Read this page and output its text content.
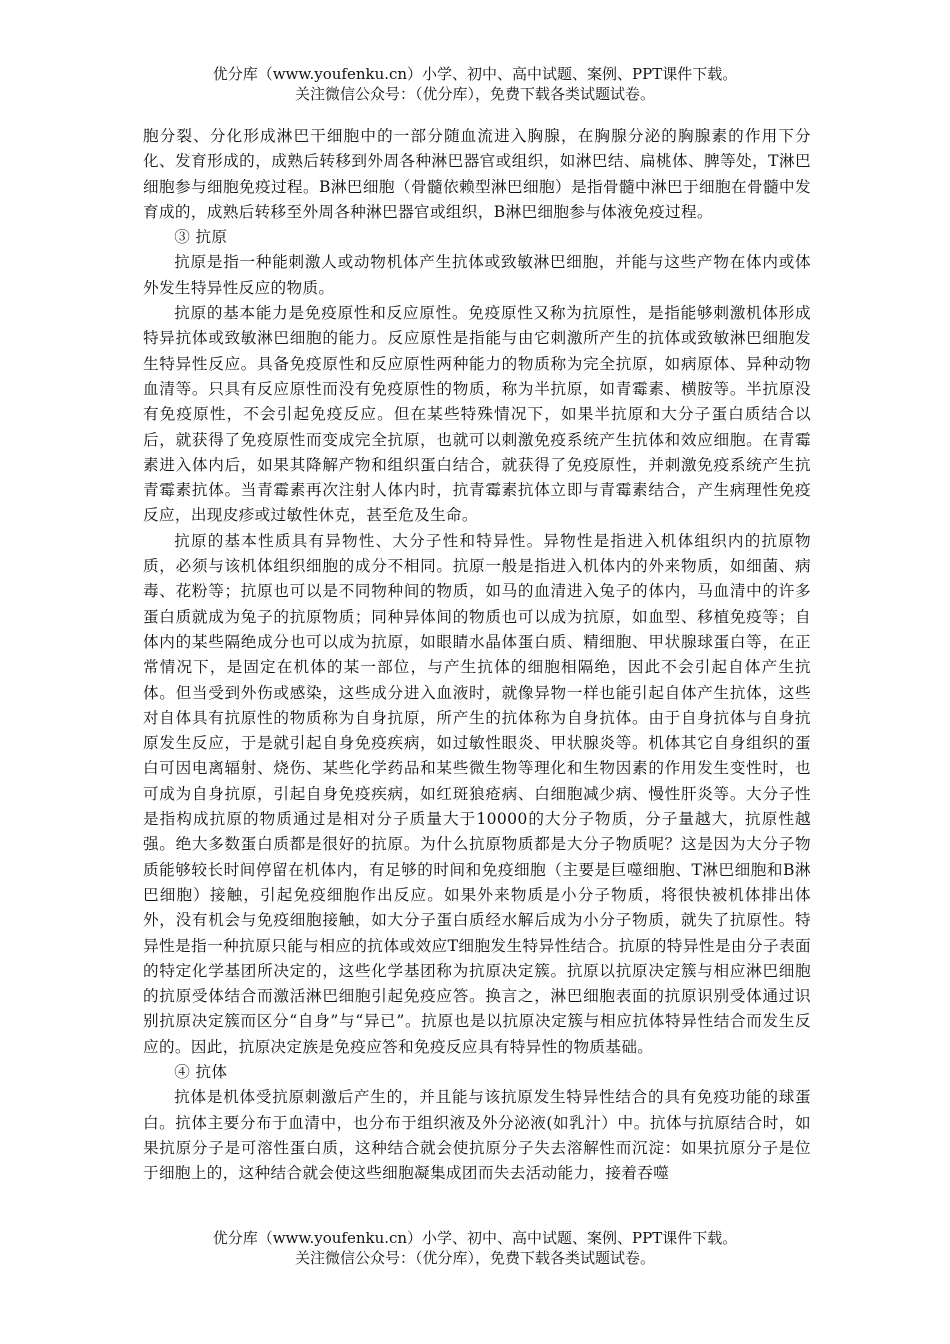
优分库（www.youfenku.cn）小学、初中、高中试题、案例、PPT课件下载。
关注微信公众号：（优分库），免费下载各类试题试卷。

胞分裂、分化形成淋巴干细胞中的一部分随血流进入胸腺，在胸腺分泌的胸腺素的作用下分化、发育形成的，成熟后转移到外周各种淋巴器官或组织，如淋巴结、扁桃体、脾等处，T淋巴细胞参与细胞免疫过程。B淋巴细胞（骨髓依赖型淋巴细胞）是指骨髓中淋巴于细胞在骨髓中发育成的，成熟后转移至外周各种淋巴器官或组织，B淋巴细胞参与体液免疫过程。

③ 抗原

抗原是指一种能刺激人或动物机体产生抗体或致敏淋巴细胞，并能与这些产物在体内或体外发生特异性反应的物质。

抗原的基本能力是免疫原性和反应原性。免疫原性又称为抗原性，是指能够刺激机体形成特异抗体或致敏淋巴细胞的能力。反应原性是指能与由它刺激所产生的抗体或致敏淋巴细胞发生特异性反应。具备免疫原性和反应原性两种能力的物质称为完全抗原，如病原体、异种动物血清等。只具有反应原性而没有免疫原性的物质，称为半抗原，如青霉素、横胺等。半抗原没有免疫原性，不会引起免疫反应。但在某些特殊情况下，如果半抗原和大分子蛋白质结合以后，就获得了免疫原性而变成完全抗原，也就可以刺激免疫系统产生抗体和效应细胞。在青霉素进入体内后，如果其降解产物和组织蛋白结合，就获得了免疫原性，并刺激免疫系统产生抗青霉素抗体。当青霉素再次注射人体内时，抗青霉素抗体立即与青霉素结合，产生病理性免疫反应，出现皮疹或过敏性休克，甚至危及生命。

抗原的基本性质具有异物性、大分子性和特异性。异物性是指进入机体组织内的抗原物质，必须与该机体组织细胞的成分不相同。抗原一般是指进入机体内的外来物质，如细菌、病毒、花粉等；抗原也可以是不同物种间的物质，如马的血清进入兔子的体内，马血清中的许多蛋白质就成为兔子的抗原物质；同种异体间的物质也可以成为抗原，如血型、移植免疫等；自体内的某些隔绝成分也可以成为抗原，如眼睛水晶体蛋白质、精细胞、甲状腺球蛋白等，在正常情况下，是固定在机体的某一部位，与产生抗体的细胞相隔绝，因此不会引起自体产生抗体。但当受到外伤或感染，这些成分进入血液时，就像异物一样也能引起自体产生抗体，这些对自体具有抗原性的物质称为自身抗原，所产生的抗体称为自身抗体。由于自身抗体与自身抗原发生反应，于是就引起自身免疫疾病，如过敏性眼炎、甲状腺炎等。机体其它自身组织的蛋白可因电离辐射、烧伤、某些化学药品和某些微生物等理化和生物因素的作用发生变性时，也可成为自身抗原，引起自身免疫疾病，如红斑狼疮病、白细胞减少病、慢性肝炎等。大分子性是指构成抗原的物质通过是相对分子质量大于10000的大分子物质，分子量越大，抗原性越强。绝大多数蛋白质都是很好的抗原。为什么抗原物质都是大分子物质呢？这是因为大分子物质能够较长时间停留在机体内，有足够的时间和免疫细胞（主要是巨噬细胞、T淋巴细胞和B淋巴细胞）接触，引起免疫细胞作出反应。如果外来物质是小分子物质，将很快被机体排出体外，没有机会与免疫细胞接触，如大分子蛋白质经水解后成为小分子物质，就失了抗原性。特异性是指一种抗原只能与相应的抗体或效应T细胞发生特异性结合。抗原的特异性是由分子表面的特定化学基团所决定的，这些化学基团称为抗原决定簇。抗原以抗原决定簇与相应淋巴细胞的抗原受体结合而激活淋巴细胞引起免疫应答。换言之，淋巴细胞表面的抗原识别受体通过识别抗原决定簇而区分“自身”与“异已”。抗原也是以抗原决定簇与相应抗体特异性结合而发生反应的。因此，抗原决定族是免疫应答和免疫反应具有特异性的物质基础。

④ 抗体

抗体是机体受抗原刺激后产生的，并且能与该抗原发生特异性结合的具有免疫功能的球蛋白。抗体主要分布于血清中，也分布于组织液及外分泌液(如乳汁）中。抗体与抗原结合时，如果抗原分子是可溶性蛋白质，这种结合就会使抗原分子失去溶解性而沉淀：如果抗原分子是位于细胞上的，这种结合就会使这些细胞凝集成团而失去活动能力，接着吞噬

优分库（www.youfenku.cn）小学、初中、高中试题、案例、PPT课件下载。
关注微信公众号：（优分库），免费下载各类试题试卷。
